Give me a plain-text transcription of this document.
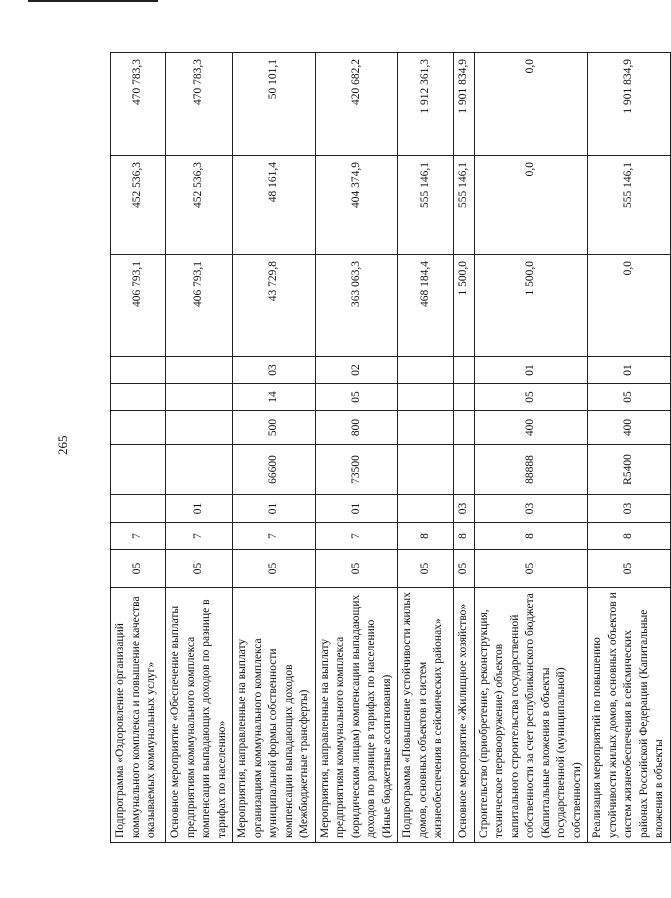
265
Подпрограмма «Оздоровление организаций коммунального комплекса и повышение качества оказываемых коммунальных услуг»	05	7						406 793,1	452 536,3	470 783,3
Основное мероприятие «Обеспечение выплаты предприятиям коммунального комплекса компенсации выпадающих доходов по разнице в тарифах по населению»	05	7	01					406 793,1	452 536,3	470 783,3
Мероприятия, направленные на выплату организациям коммунального комплекса муниципальной формы собственности компенсации выпадающих доходов (Межбюджетные трансферты)	05	7	01	66600	500	14	03	43 729,8	48 161,4	50 101,1
Мероприятия, направленные на выплату предприятиям коммунального комплекса (юридическим лицам) компенсации выпадающих доходов по разнице в тарифах по населению (Иные бюджетные ассигнования)	05	7	01	73500	800	05	02	363 063,3	404 374,9	420 682,2
Подпрограмма «Повышение устойчивости жилых домов, основных объектов и систем жизнеобеспечения в сейсмических районах»	05	8						468 184,4	555 146,1	1 912 361,3
Основное мероприятие «Жилищное хозяйство»	05	8	03					1 500,0	555 146,1	1 901 834,9
Строительство (приобретение, реконструкция, техническое перевооружение) объектов капитального строительства государственной собственности за счет республиканского бюджета (Капитальные вложения в объекты государственной (муниципальной) собственности)	05	8	03	88888	400	05	01	1 500,0	0,0	0,0
Реализация мероприятий по повышению устойчивости жилых домов, основных объектов и систем жизнеобеспечения в сейсмических районах Российской Федерации (Капитальные вложения в объекты	05	8	03	R5400	400	05	01	0,0	555 146,1	1 901 834,9
